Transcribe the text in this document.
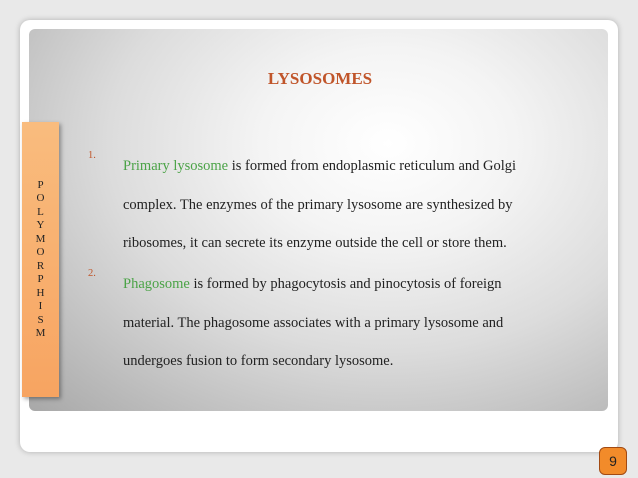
P
O
L
Y
M
O
R
P
H
I
S
M
LYSOSOMES
1.
Primary lysosome is formed from endoplasmic reticulum and Golgi
complex. The enzymes of the primary lysosome are synthesized by
ribosomes, it can secrete its enzyme outside the cell or store them.
2.
Phagosome is formed by phagocytosis and pinocytosis of foreign
material. The phagosome associates with a primary lysosome and
undergoes fusion to form secondary lysosome.
9
